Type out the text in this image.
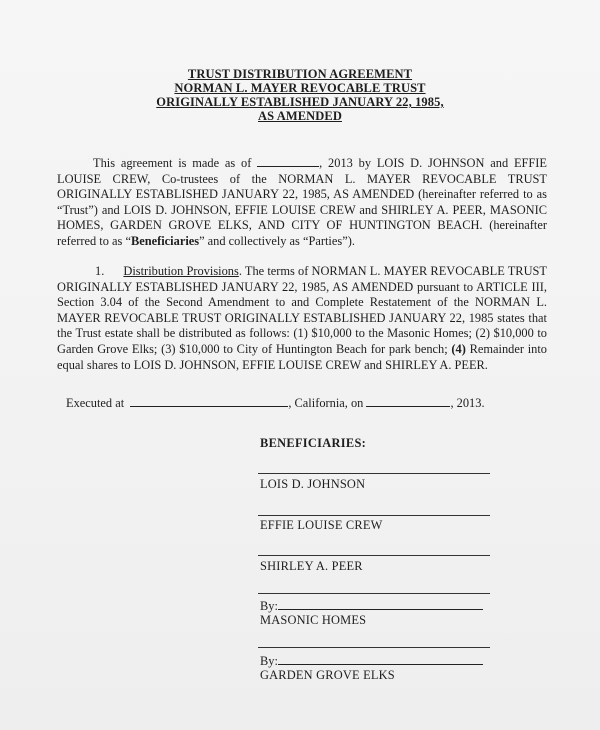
TRUST DISTRIBUTION AGREEMENT
NORMAN L. MAYER REVOCABLE TRUST
ORIGINALLY ESTABLISHED JANUARY 22, 1985,
AS AMENDED
This agreement is made as of	, 2013 by LOIS D. JOHNSON and EFFIE LOUISE CREW, Co-trustees of the NORMAN L. MAYER REVOCABLE TRUST ORIGINALLY ESTABLISHED JANUARY 22, 1985, AS AMENDED (hereinafter referred to as “Trust”) and LOIS D. JOHNSON, EFFIE LOUISE CREW and SHIRLEY A. PEER, MASONIC HOMES, GARDEN GROVE ELKS, AND CITY OF HUNTINGTON BEACH. (hereinafter referred to as “Beneficiaries” and collectively as “Parties”).
1. Distribution Provisions. The terms of NORMAN L. MAYER REVOCABLE TRUST ORIGINALLY ESTABLISHED JANUARY 22, 1985, AS AMENDED pursuant to ARTICLE III, Section 3.04 of the Second Amendment to and Complete Restatement of the NORMAN L. MAYER REVOCABLE TRUST ORIGINALLY ESTABLISHED JANUARY 22, 1985 states that the Trust estate shall be distributed as follows: (1) $10,000 to the Masonic Homes; (2) $10,000 to Garden Grove Elks; (3) $10,000 to City of Huntington Beach for park bench; (4) Remainder into equal shares to LOIS D. JOHNSON, EFFIE LOUISE CREW and SHIRLEY A. PEER.
Executed at	, California, on	, 2013.
BENEFICIARIES:
LOIS D. JOHNSON
EFFIE LOUISE CREW
SHIRLEY A. PEER
By:
MASONIC HOMES
By:
GARDEN GROVE ELKS
